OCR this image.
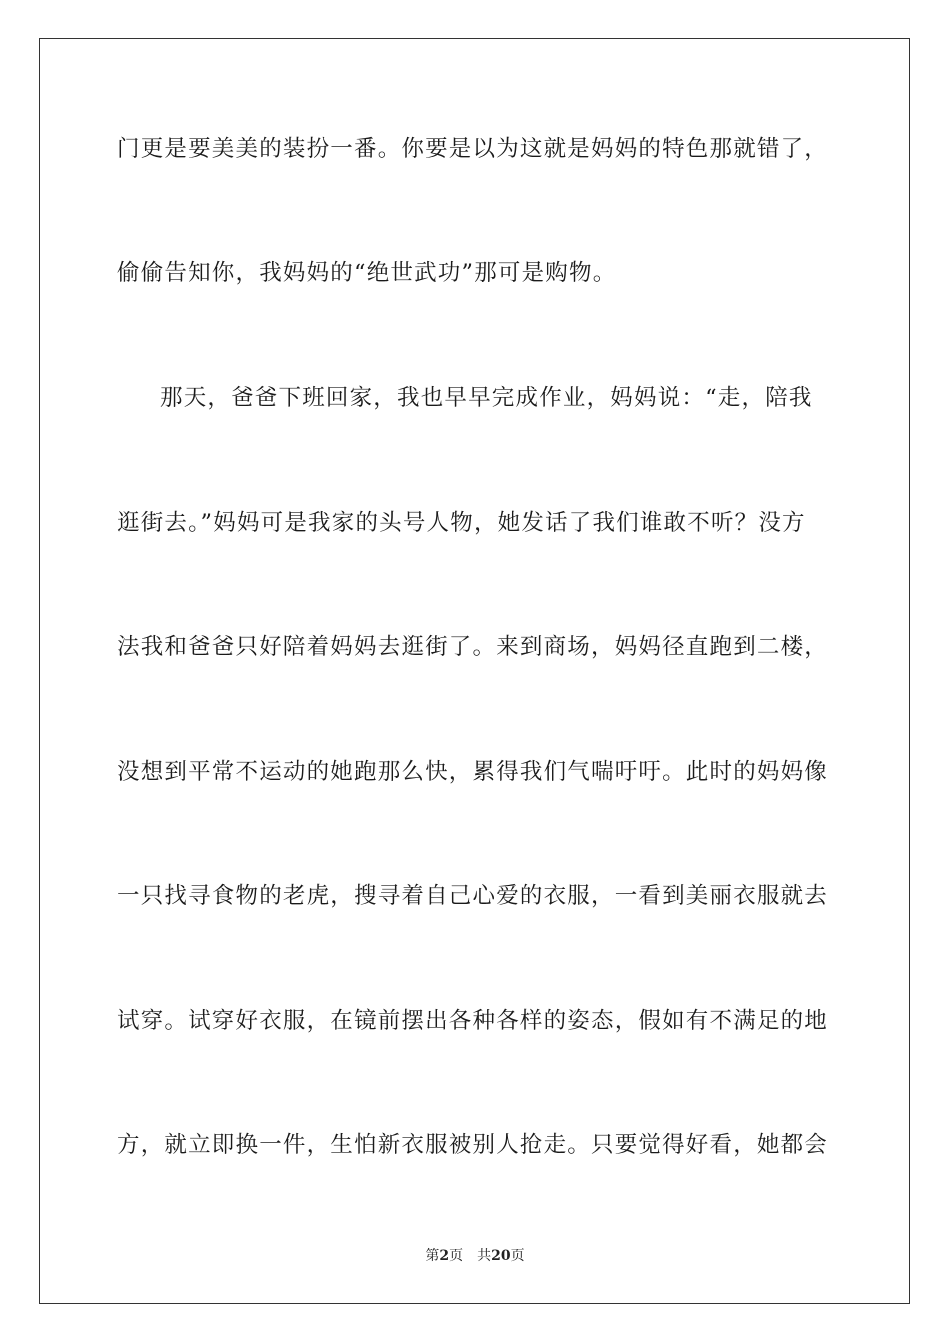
门更是要美美的装扮一番。你要是以为这就是妈妈的特色那就错了，
偷偷告知你，我妈妈的“绝世武功”那可是购物。
那天，爸爸下班回家，我也早早完成作业，妈妈说：“走，陪我
逛街去。”妈妈可是我家的头号人物，她发话了我们谁敢不听？没方
法我和爸爸只好陪着妈妈去逛街了。来到商场，妈妈径直跑到二楼，
没想到平常不运动的她跑那么快，累得我们气喘吁吁。此时的妈妈像
一只找寻食物的老虎，搜寻着自己心爱的衣服，一看到美丽衣服就去
试穿。试穿好衣服，在镜前摆出各种各样的姿态，假如有不满足的地
方，就立即换一件，生怕新衣服被别人抢走。只要觉得好看，她都会
第2页 共20页
